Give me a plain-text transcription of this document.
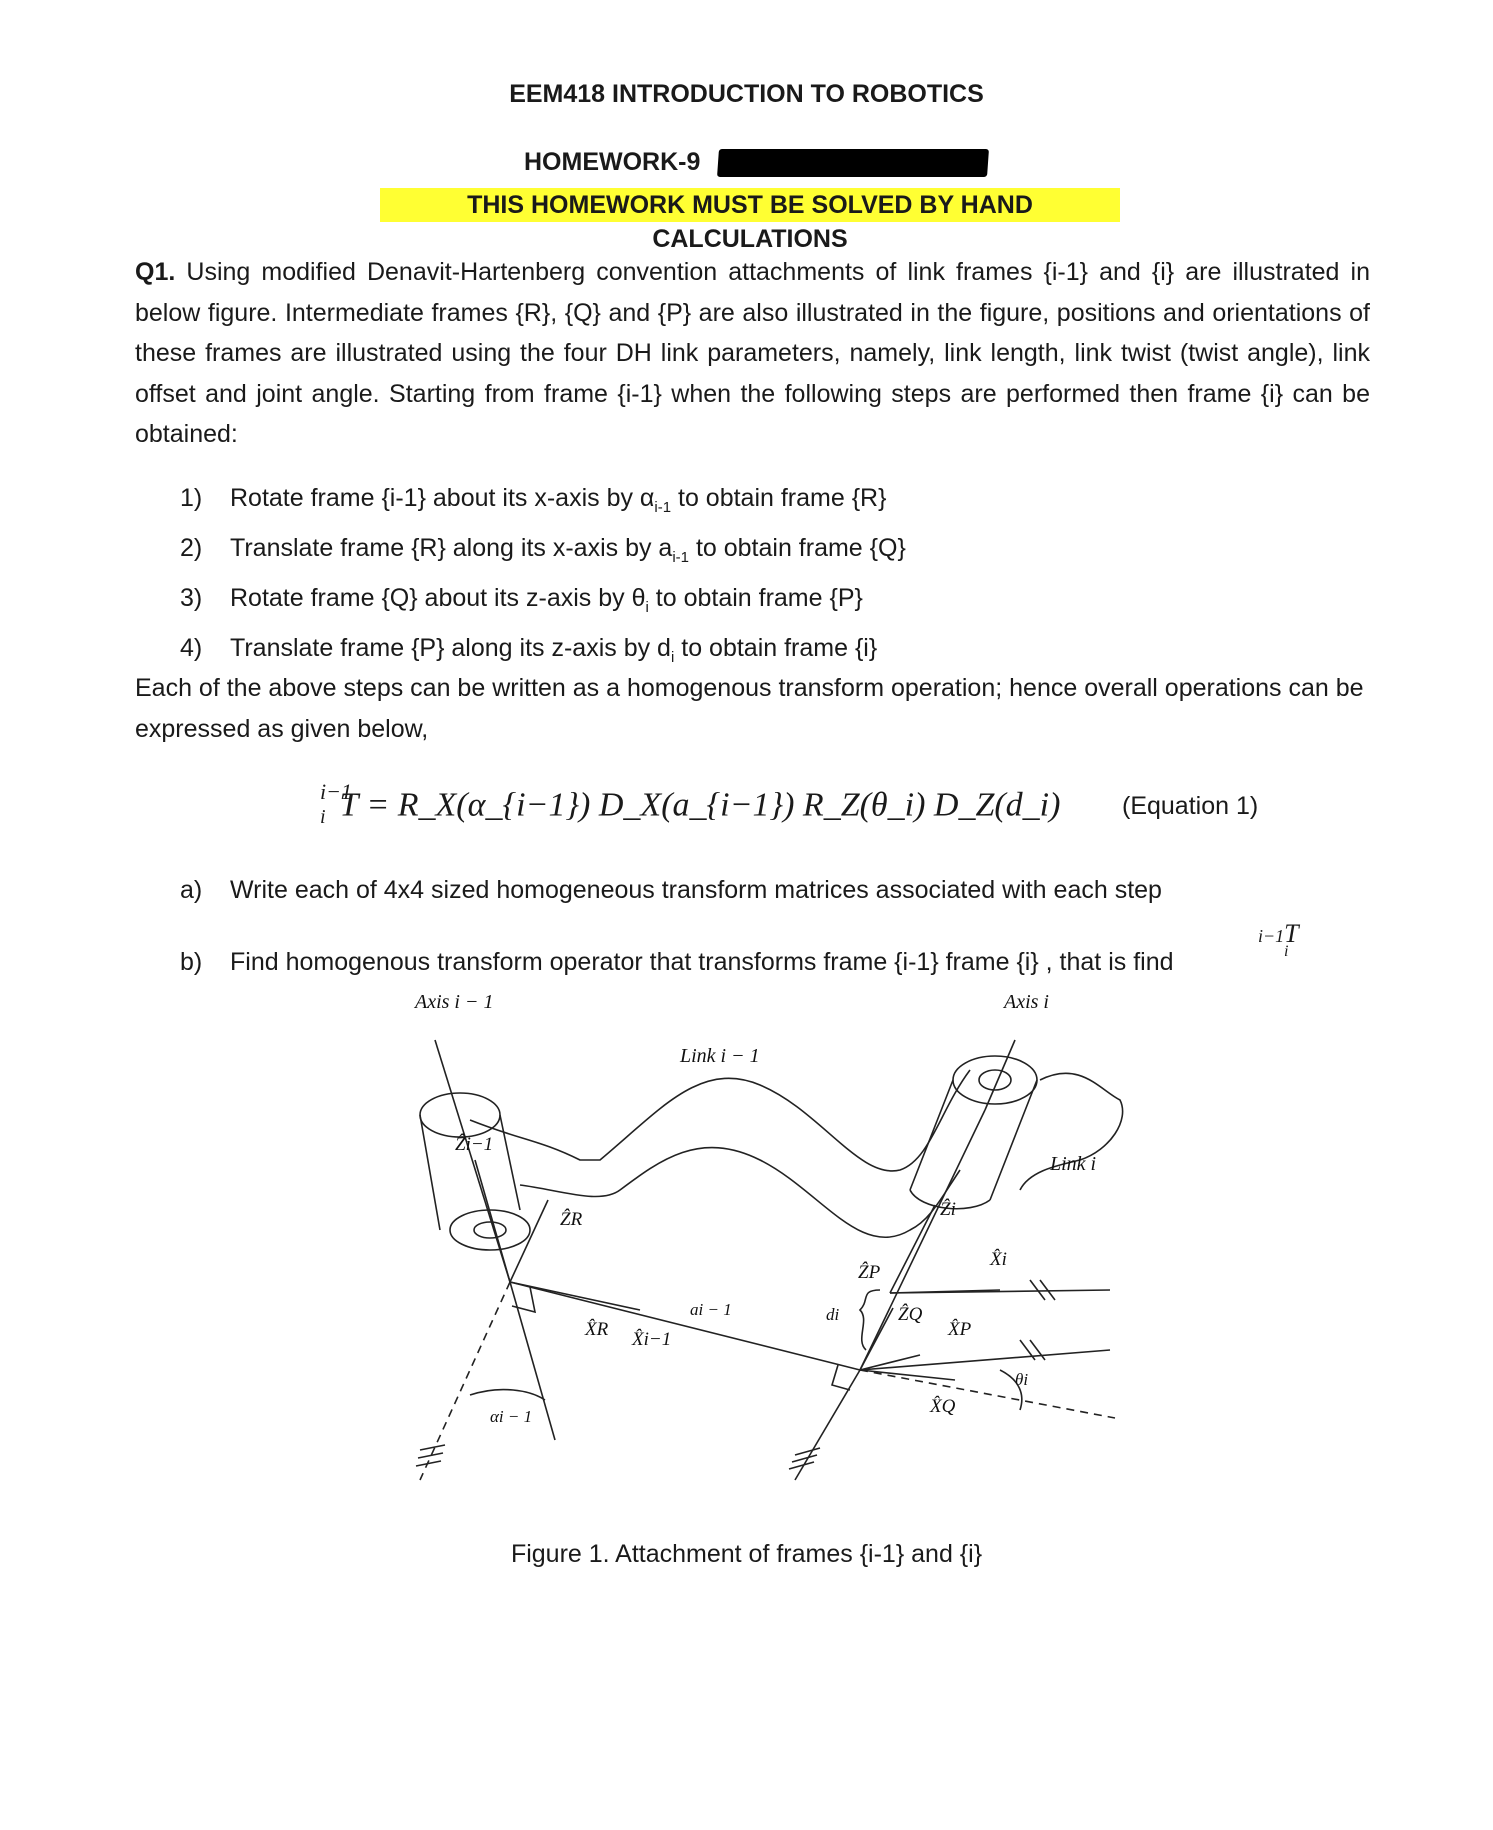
EEM418 INTRODUCTION TO ROBOTICS
HOMEWORK-9
THIS HOMEWORK MUST BE SOLVED BY HAND CALCULATIONS
Q1. Using modified Denavit-Hartenberg convention attachments of link frames {i-1} and {i} are illustrated in below figure. Intermediate frames {R}, {Q} and {P} are also illustrated in the figure, positions and orientations of these frames are illustrated using the four DH link parameters, namely, link length, link twist (twist angle), link offset and joint angle. Starting from frame {i-1} when the following steps are performed then frame {i} can be obtained:
1) Rotate frame {i-1} about its x-axis by $\alpha_{i-1}$ to obtain frame {R}
2) Translate frame {R} along its x-axis by $a_{i-1}$ to obtain frame {Q}
3) Rotate frame {Q} about its z-axis by $\theta_i$ to obtain frame {P}
4) Translate frame {P} along its z-axis by $d_i$ to obtain frame {i}
Each of the above steps can be written as a homogenous transform operation; hence overall operations can be expressed as given below,
$^{i-1}_i$ T = R_X(α_{i−1}) D_X(a_{i−1}) R_Z(θ_i) D_Z(d_i) (Equation 1)
a) Write each of 4x4 sized homogeneous transform matrices associated with each step
b) Find homogenous transform operator that transforms frame {i-1} frame {i} , that is find
i−1T
$^i$
Axis i − 1	Axis i
Link i − 1
Link i
Ẑi−1
ẐR	Ẑi
ẐP
ẐQ
X̂i
X̂R X̂i−1	X̂P
X̂Q
ai − 1	di
αi − 1
θi
Figure 1. Attachment of frames {i-1} and {i}
